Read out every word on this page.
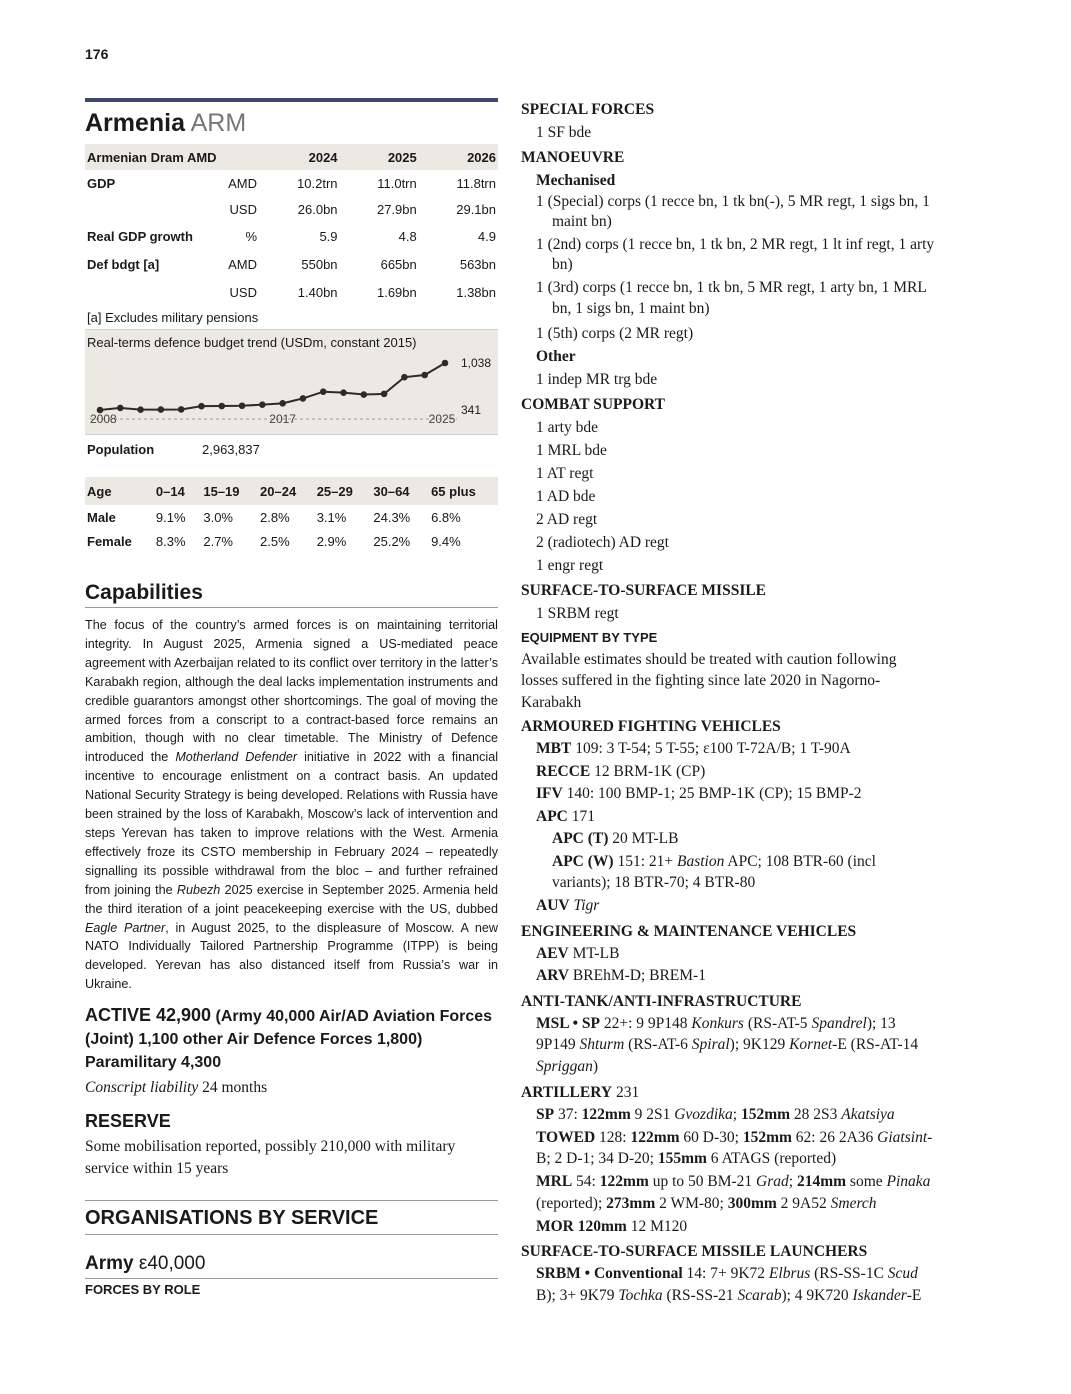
176
Armenia ARM
Armenian Dram AMD		2024	2025	2026
GDP	AMD	10.2trn	11.0trn	11.8trn
	USD	26.0bn	27.9bn	29.1bn
Real GDP growth	%	5.9	4.8	4.9
Def bdgt [a]	AMD	550bn	665bn	563bn
	USD	1.40bn	1.69bn	1.38bn
[a] Excludes military pensions
Real-terms defence budget trend (USDm, constant 2015)
1,038
341
2008	2017	2025
Population	2,963,837
Age	0–14	15–19	20–24	25–29	30–64	65 plus
Male	9.1%	3.0%	2.8%	3.1%	24.3%	6.8%
Female	8.3%	2.7%	2.5%	2.9%	25.2%	9.4%
Capabilities

The focus of the country’s armed forces is on maintaining territorial integrity. In August 2025, Armenia signed a US-mediated peace agreement with Azerbaijan related to its conflict over territory in the latter’s Karabakh region, although the deal lacks implementation instruments and credible guarantors amongst other shortcomings. The goal of moving the armed forces from a conscript to a contract-based force remains an ambition, though with no clear timetable. The Ministry of Defence introduced the Motherland Defender initiative in 2022 with a financial incentive to encourage enlistment on a contract basis. An updated National Security Strategy is being developed. Relations with Russia have been strained by the loss of Karabakh, Moscow’s lack of intervention and steps Yerevan has taken to improve relations with the West. Armenia effectively froze its CSTO membership in February 2024 – repeatedly signalling its possible withdrawal from the bloc – and further refrained from joining the Rubezh 2025 exercise in September 2025. Armenia held the third iteration of a joint peacekeeping exercise with the US, dubbed Eagle Partner, in August 2025, to the displeasure of Moscow. A new NATO Individually Tailored Partnership Programme (ITPP) is being developed. Yerevan has also distanced itself from Russia’s war in Ukraine.

ACTIVE 42,900 (Army 40,000 Air/AD Aviation Forces (Joint) 1,100 other Air Defence Forces 1,800) Paramilitary 4,300
Conscript liability 24 months
RESERVE
Some mobilisation reported, possibly 210,000 with military service within 15 years
ORGANISATIONS BY SERVICE
Army ε40,000
FORCES BY ROLE
SPECIAL FORCES
1 SF bde
MANOEUVRE
Mechanised
1 (Special) corps (1 recce bn, 1 tk bn(-), 5 MR regt, 1 sigs bn, 1 maint bn)
1 (2nd) corps (1 recce bn, 1 tk bn, 2 MR regt, 1 lt inf regt, 1 arty bn)
1 (3rd) corps (1 recce bn, 1 tk bn, 5 MR regt, 1 arty bn, 1 MRL bn, 1 sigs bn, 1 maint bn)
1 (5th) corps (2 MR regt)
Other
1 indep MR trg bde
COMBAT SUPPORT
1 arty bde
1 MRL bde
1 AT regt
1 AD bde
2 AD regt
2 (radiotech) AD regt
1 engr regt
SURFACE-TO-SURFACE MISSILE
1 SRBM regt
EQUIPMENT BY TYPE
Available estimates should be treated with caution following losses suffered in the fighting since late 2020 in Nagorno-Karabakh
ARMOURED FIGHTING VEHICLES
MBT 109: 3 T-54; 5 T-55; ε100 T-72A/B; 1 T-90A
RECCE 12 BRM-1K (CP)
IFV 140: 100 BMP-1; 25 BMP-1K (CP); 15 BMP-2
APC 171
APC (T) 20 MT-LB
APC (W) 151: 21+ Bastion APC; 108 BTR-60 (incl variants); 18 BTR-70; 4 BTR-80
AUV Tigr
ENGINEERING & MAINTENANCE VEHICLES
AEV MT-LB
ARV BREhM-D; BREM-1
ANTI-TANK/ANTI-INFRASTRUCTURE
MSL • SP 22+: 9 9P148 Konkurs (RS-AT-5 Spandrel); 13 9P149 Shturm (RS-AT-6 Spiral); 9K129 Kornet-E (RS-AT-14 Spriggan)
ARTILLERY 231
SP 37: 122mm 9 2S1 Gvozdika; 152mm 28 2S3 Akatsiya
TOWED 128: 122mm 60 D-30; 152mm 62: 26 2A36 Giatsint-B; 2 D-1; 34 D-20; 155mm 6 ATAGS (reported)
MRL 54: 122mm up to 50 BM-21 Grad; 214mm some Pinaka (reported); 273mm 2 WM-80; 300mm 2 9A52 Smerch
MOR 120mm 12 M120
SURFACE-TO-SURFACE MISSILE LAUNCHERS
SRBM • Conventional 14: 7+ 9K72 Elbrus (RS-SS-1C Scud B); 3+ 9K79 Tochka (RS-SS-21 Scarab); 4 9K720 Iskander-E
